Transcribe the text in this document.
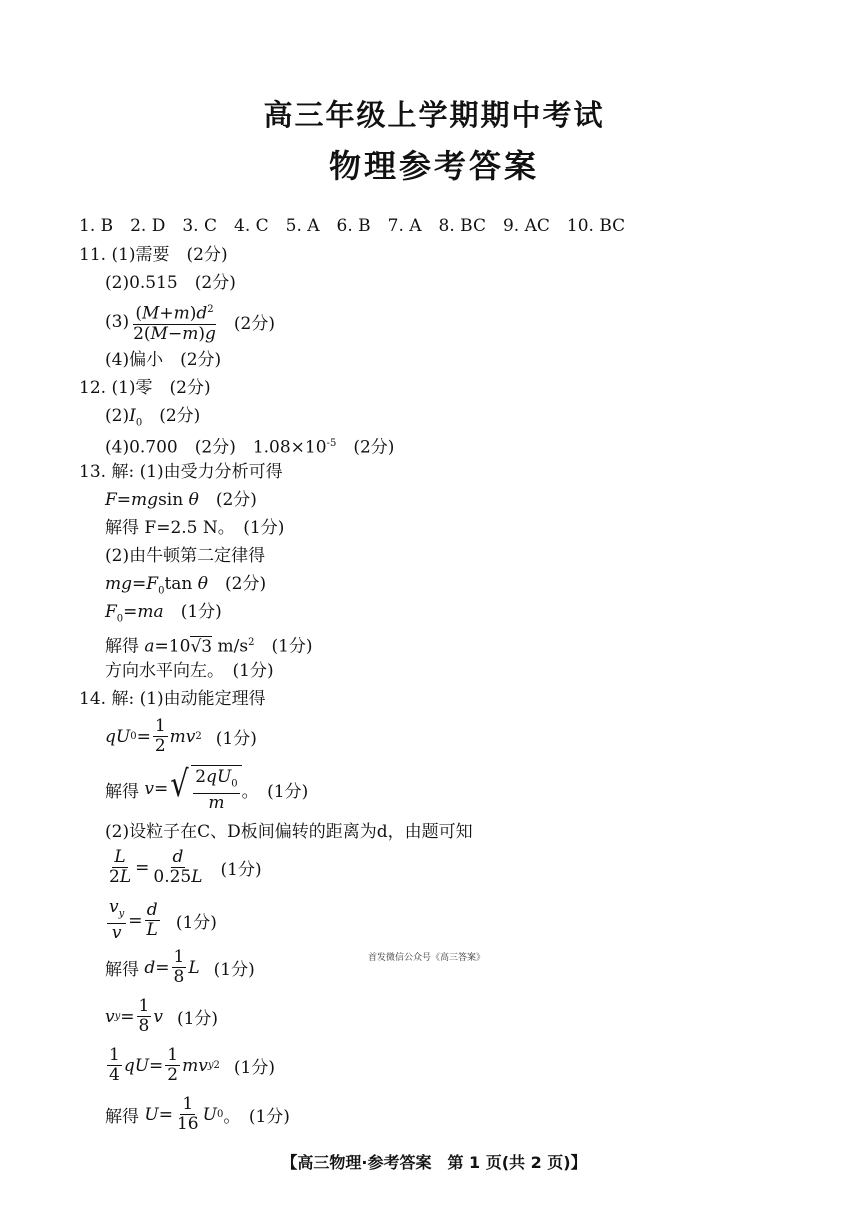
高三年级上学期期中考试
物理参考答案
1. B　2. D　3. C　4. C　5. A　6. B　7. A　8. BC　9. AC　10. BC
11. (1)需要　(2分)
(2)0.515　(2分)
$(3) \frac{(M+m)d^2}{2(M-m)g} (2$分)
(4)偏小　(2分)
12. (1)零　(2分)
$(2)I_0$　 (2分)
(4)0.700　(2分)　$1.08\times 10^{-5}$　 (2分)
13. 解: (1)由受力分析可得
F=mgsin θ　 (2分)
解得 F=2.5 N。　(1分)
(2)由牛顿第二定律得
$mg=F_0\tan$ θ　 (2分)
$F_0=ma$　 (1分)
解得 a=10√3 $m/s^2$　 (1分)
方向水平向左。　(1分)
14. 解: (1)由动能定理得
q U $0 = \frac{1}{2}$ mv 2 (1分)
解得
v = √ $\frac{2qU_0}{m}$ 。　(1分)
(2)设粒子在C、D板间偏转的距离为d，由题可知
$\frac{L}{2L} = \frac{d}{0.25L} (1$分)
$\frac{v_y}{v} = \frac{d}{L} (1$分)
解得
$d = \frac{1}{8}$ L (1分)
v $y = \frac{1}{8}$ v (1分)
$\frac{1}{4}$ q $U = \frac{1}{2}$ mv y 2 (1分)
解得
$U = \frac{1}{16}$ U 0 。　(1分)
首发微信公众号《高三答案》
【高三物理·参考答案　第 1 页(共 2 页)】
